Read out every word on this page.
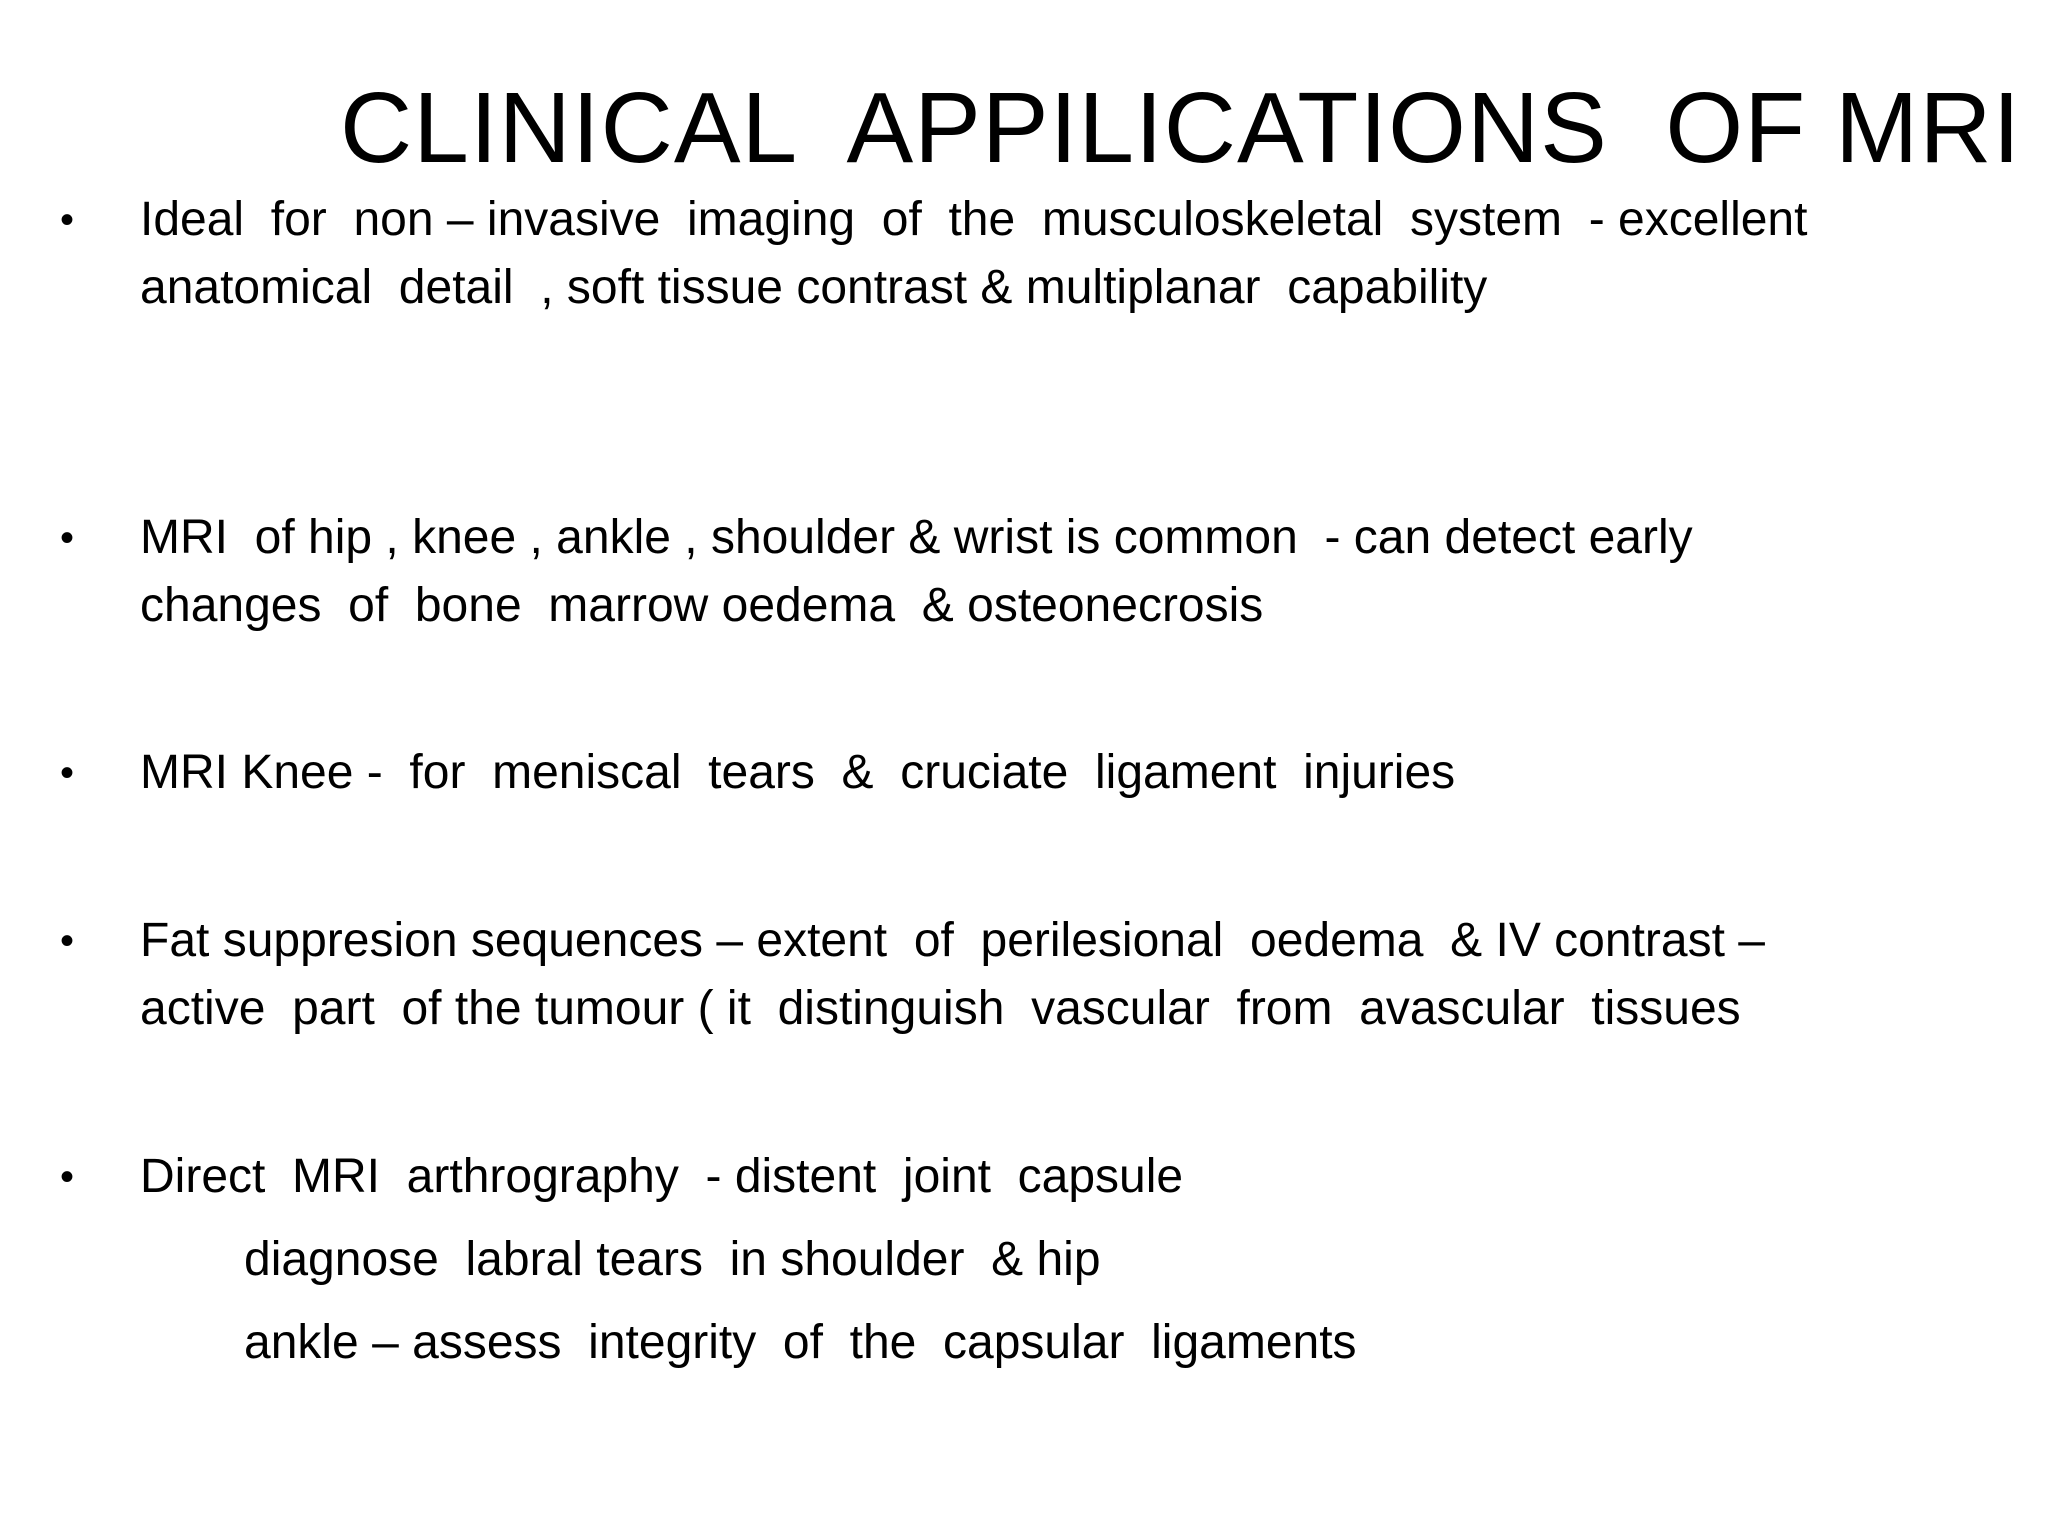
CLINICAL  APPILICATIONS  OF MRI
•	Ideal  for  non – invasive  imaging  of  the  musculoskeletal  system  - excellent
anatomical  detail  , soft tissue contrast & multiplanar  capability
•	MRI  of hip , knee , ankle , shoulder & wrist is common  - can detect early
changes  of  bone  marrow oedema  & osteonecrosis
•	MRI Knee -  for  meniscal  tears  &  cruciate  ligament  injuries
•	Fat suppresion sequences – extent  of  perilesional  oedema  & IV contrast –
active  part  of the tumour ( it  distinguish  vascular  from  avascular  tissues
•	Direct  MRI  arthrography  - distent  joint  capsule
diagnose  labral tears  in shoulder  & hip
ankle – assess  integrity  of  the  capsular  ligaments
